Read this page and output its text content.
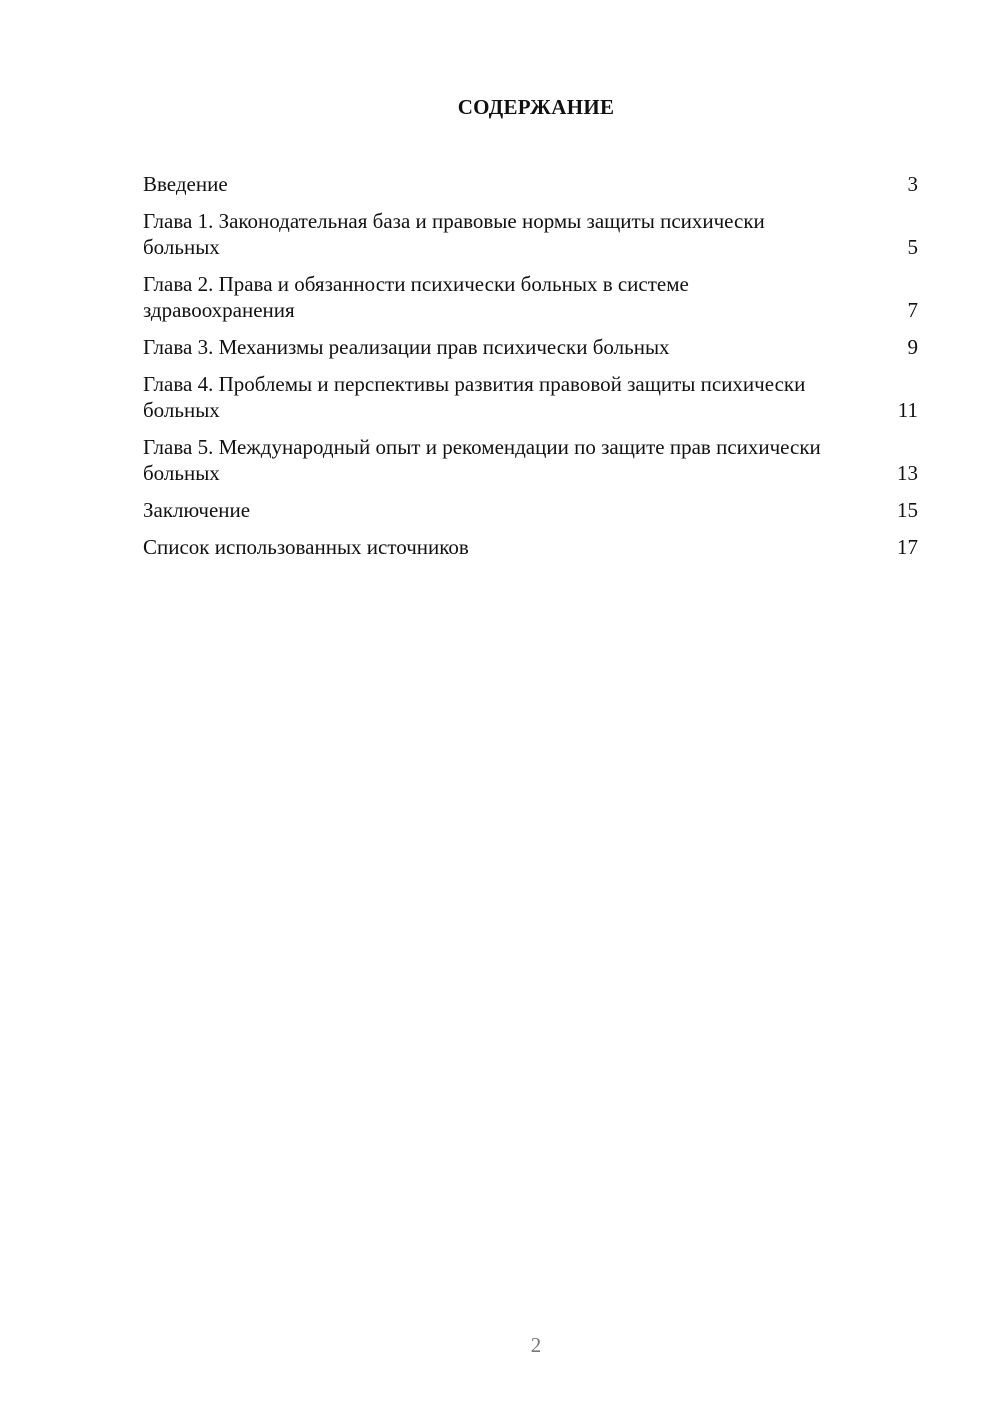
СОДЕРЖАНИЕ
Введение	3
Глава 1. Законодательная база и правовые нормы защиты психически больных	5
Глава 2. Права и обязанности психически больных в системе здравоохранения	7
Глава 3. Механизмы реализации прав психически больных	9
Глава 4. Проблемы и перспективы развития правовой защиты психически больных	11
Глава 5. Международный опыт и рекомендации по защите прав психически больных	13
Заключение	15
Список использованных источников	17
2
